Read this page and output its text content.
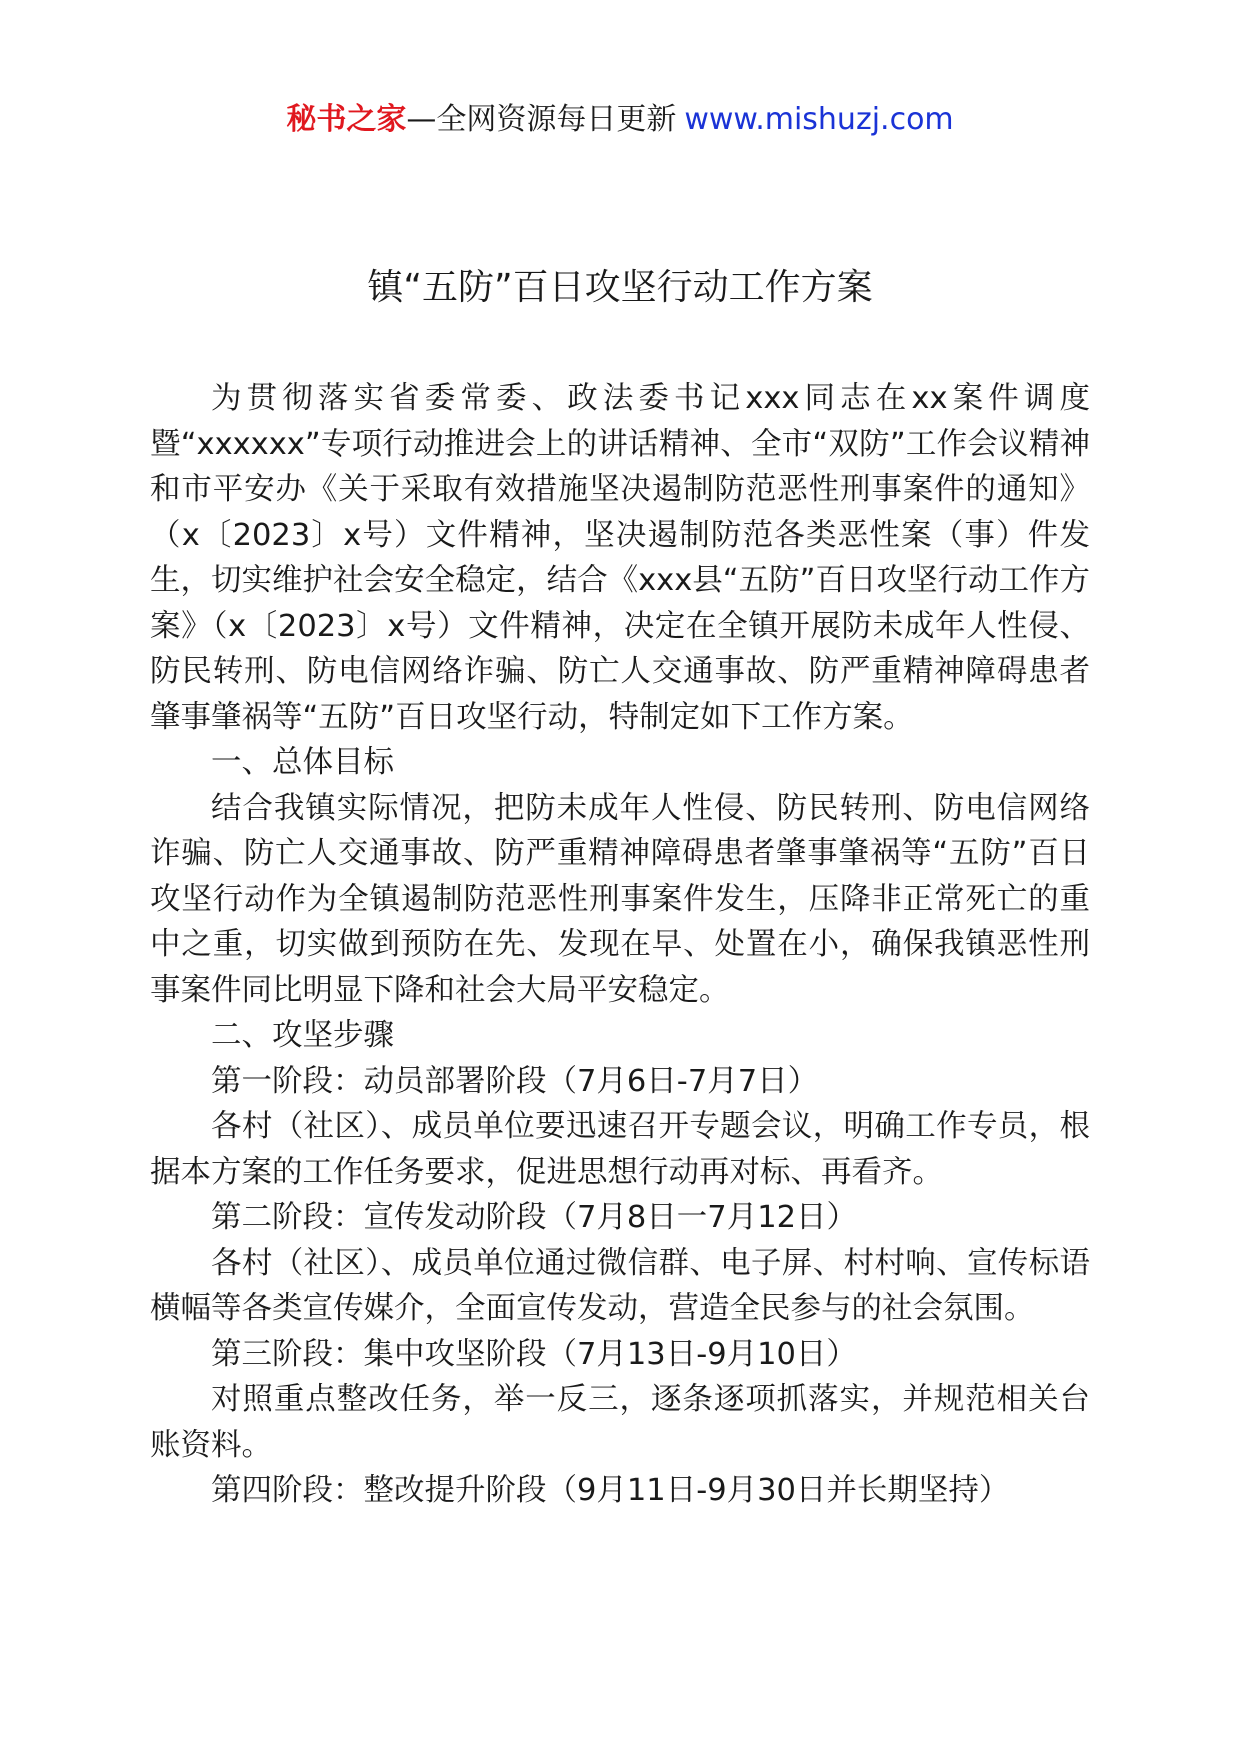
秘书之家—全网资源每日更新 www.mishuzj.com
镇“五防”百日攻坚行动工作方案

为贯彻落实省委常委、政法委书记xxx同志在xx案件调度暨“xxxxxx”专项行动推进会上的讲话精神、全市“双防”工作会议精神和市平安办《关于采取有效措施坚决遏制防范恶性刑事案件的通知》（x〔2023〕x号）文件精神，坚决遏制防范各类恶性案（事）件发生，切实维护社会安全稳定，结合《xxx县“五防”百日攻坚行动工作方案》（x〔2023〕x号）文件精神，决定在全镇开展防未成年人性侵、防民转刑、防电信网络诈骗、防亡人交通事故、防严重精神障碍患者肇事肇祸等“五防”百日攻坚行动，特制定如下工作方案。

一、总体目标

结合我镇实际情况，把防未成年人性侵、防民转刑、防电信网络诈骗、防亡人交通事故、防严重精神障碍患者肇事肇祸等“五防”百日攻坚行动作为全镇遏制防范恶性刑事案件发生，压降非正常死亡的重中之重，切实做到预防在先、发现在早、处置在小，确保我镇恶性刑事案件同比明显下降和社会大局平安稳定。

二、攻坚步骤

第一阶段：动员部署阶段（7月6日-7月7日）

各村（社区）、成员单位要迅速召开专题会议，明确工作专员，根据本方案的工作任务要求，促进思想行动再对标、再看齐。

第二阶段：宣传发动阶段（7月8日一7月12日）

各村（社区）、成员单位通过微信群、电子屏、村村响、宣传标语横幅等各类宣传媒介，全面宣传发动，营造全民参与的社会氛围。

第三阶段：集中攻坚阶段（7月13日-9月10日）

对照重点整改任务，举一反三，逐条逐项抓落实，并规范相关台账资料。

第四阶段：整改提升阶段（9月11日-9月30日并长期坚持）
